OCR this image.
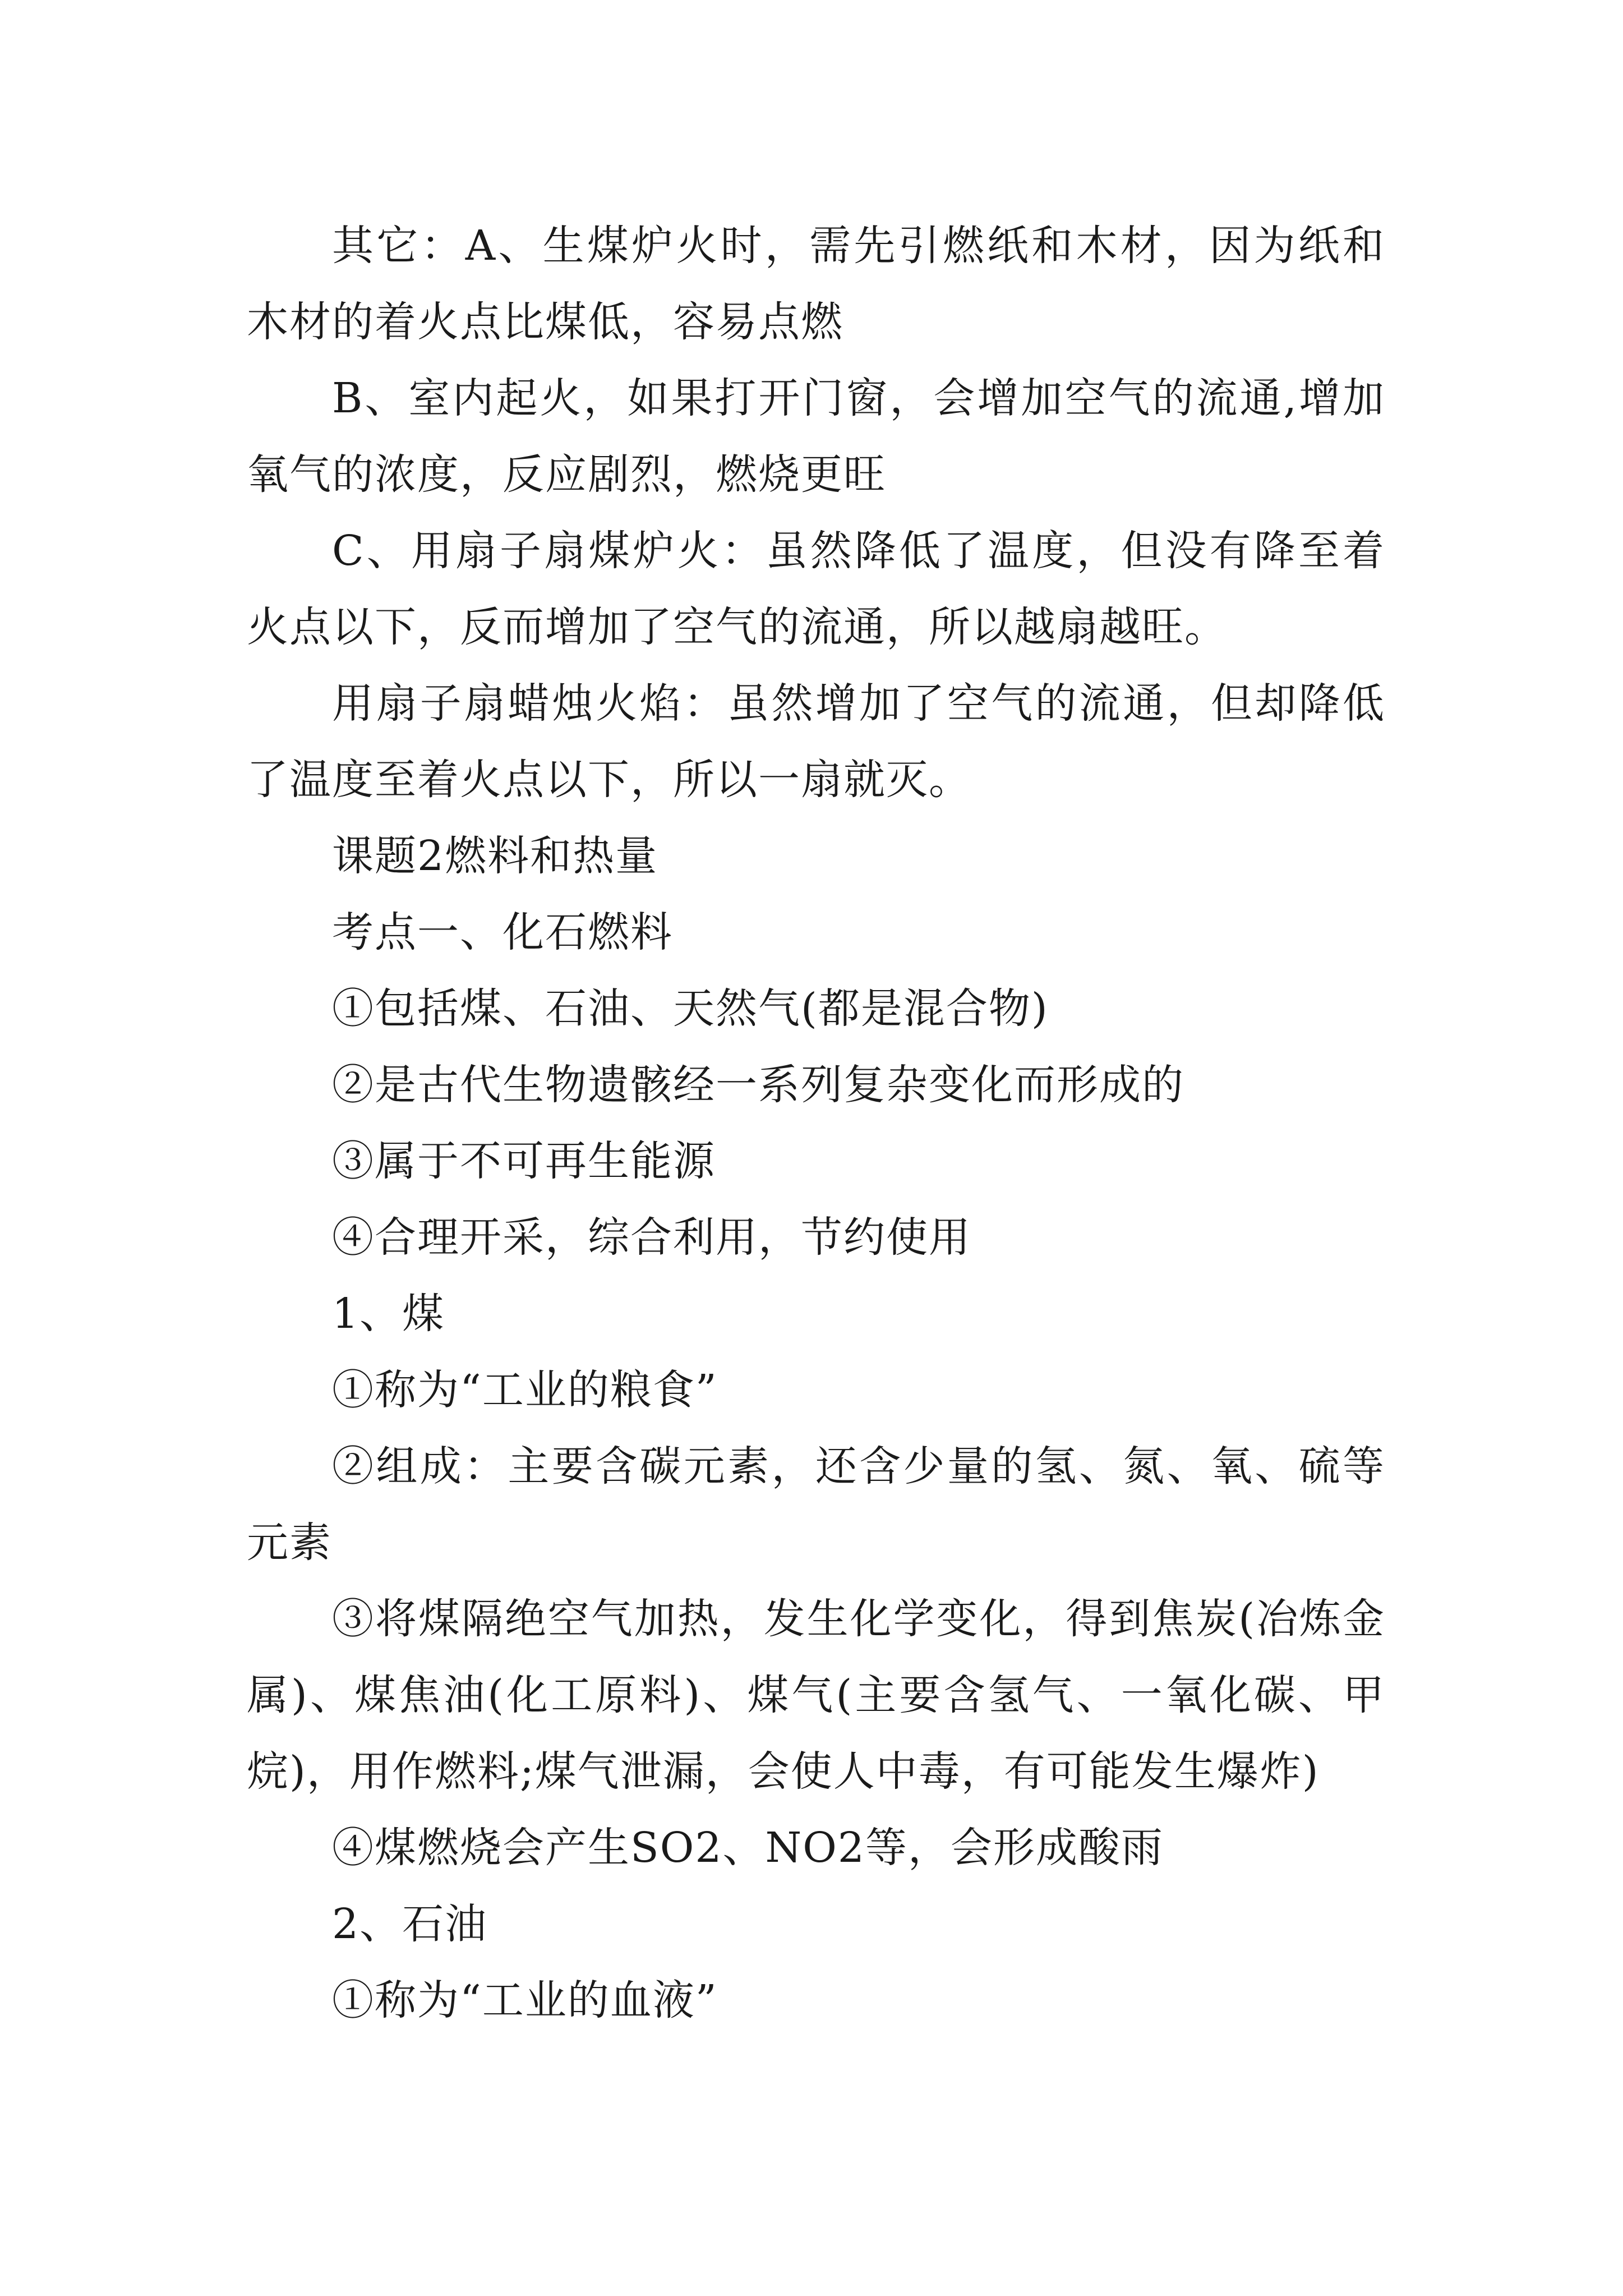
其它：A、生煤炉火时，需先引燃纸和木材，因为纸和木材的着火点比煤低，容易点燃

B、室内起火，如果打开门窗，会增加空气的流通,增加氧气的浓度，反应剧烈，燃烧更旺

C、用扇子扇煤炉火：虽然降低了温度，但没有降至着火点以下，反而增加了空气的流通，所以越扇越旺。

用扇子扇蜡烛火焰：虽然增加了空气的流通，但却降低了温度至着火点以下，所以一扇就灭。

课题2燃料和热量

考点一、化石燃料

①包括煤、石油、天然气(都是混合物)

②是古代生物遗骸经一系列复杂变化而形成的

③属于不可再生能源

④合理开采，综合利用，节约使用

1、煤

①称为“工业的粮食”

②组成：主要含碳元素，还含少量的氢、氮、氧、硫等元素

③将煤隔绝空气加热，发生化学变化，得到焦炭(冶炼金属)、煤焦油(化工原料)、煤气(主要含氢气、一氧化碳、甲烷)，用作燃料;煤气泄漏，会使人中毒，有可能发生爆炸)

④煤燃烧会产生SO2、NO2等，会形成酸雨

2、石油

①称为“工业的血液”
